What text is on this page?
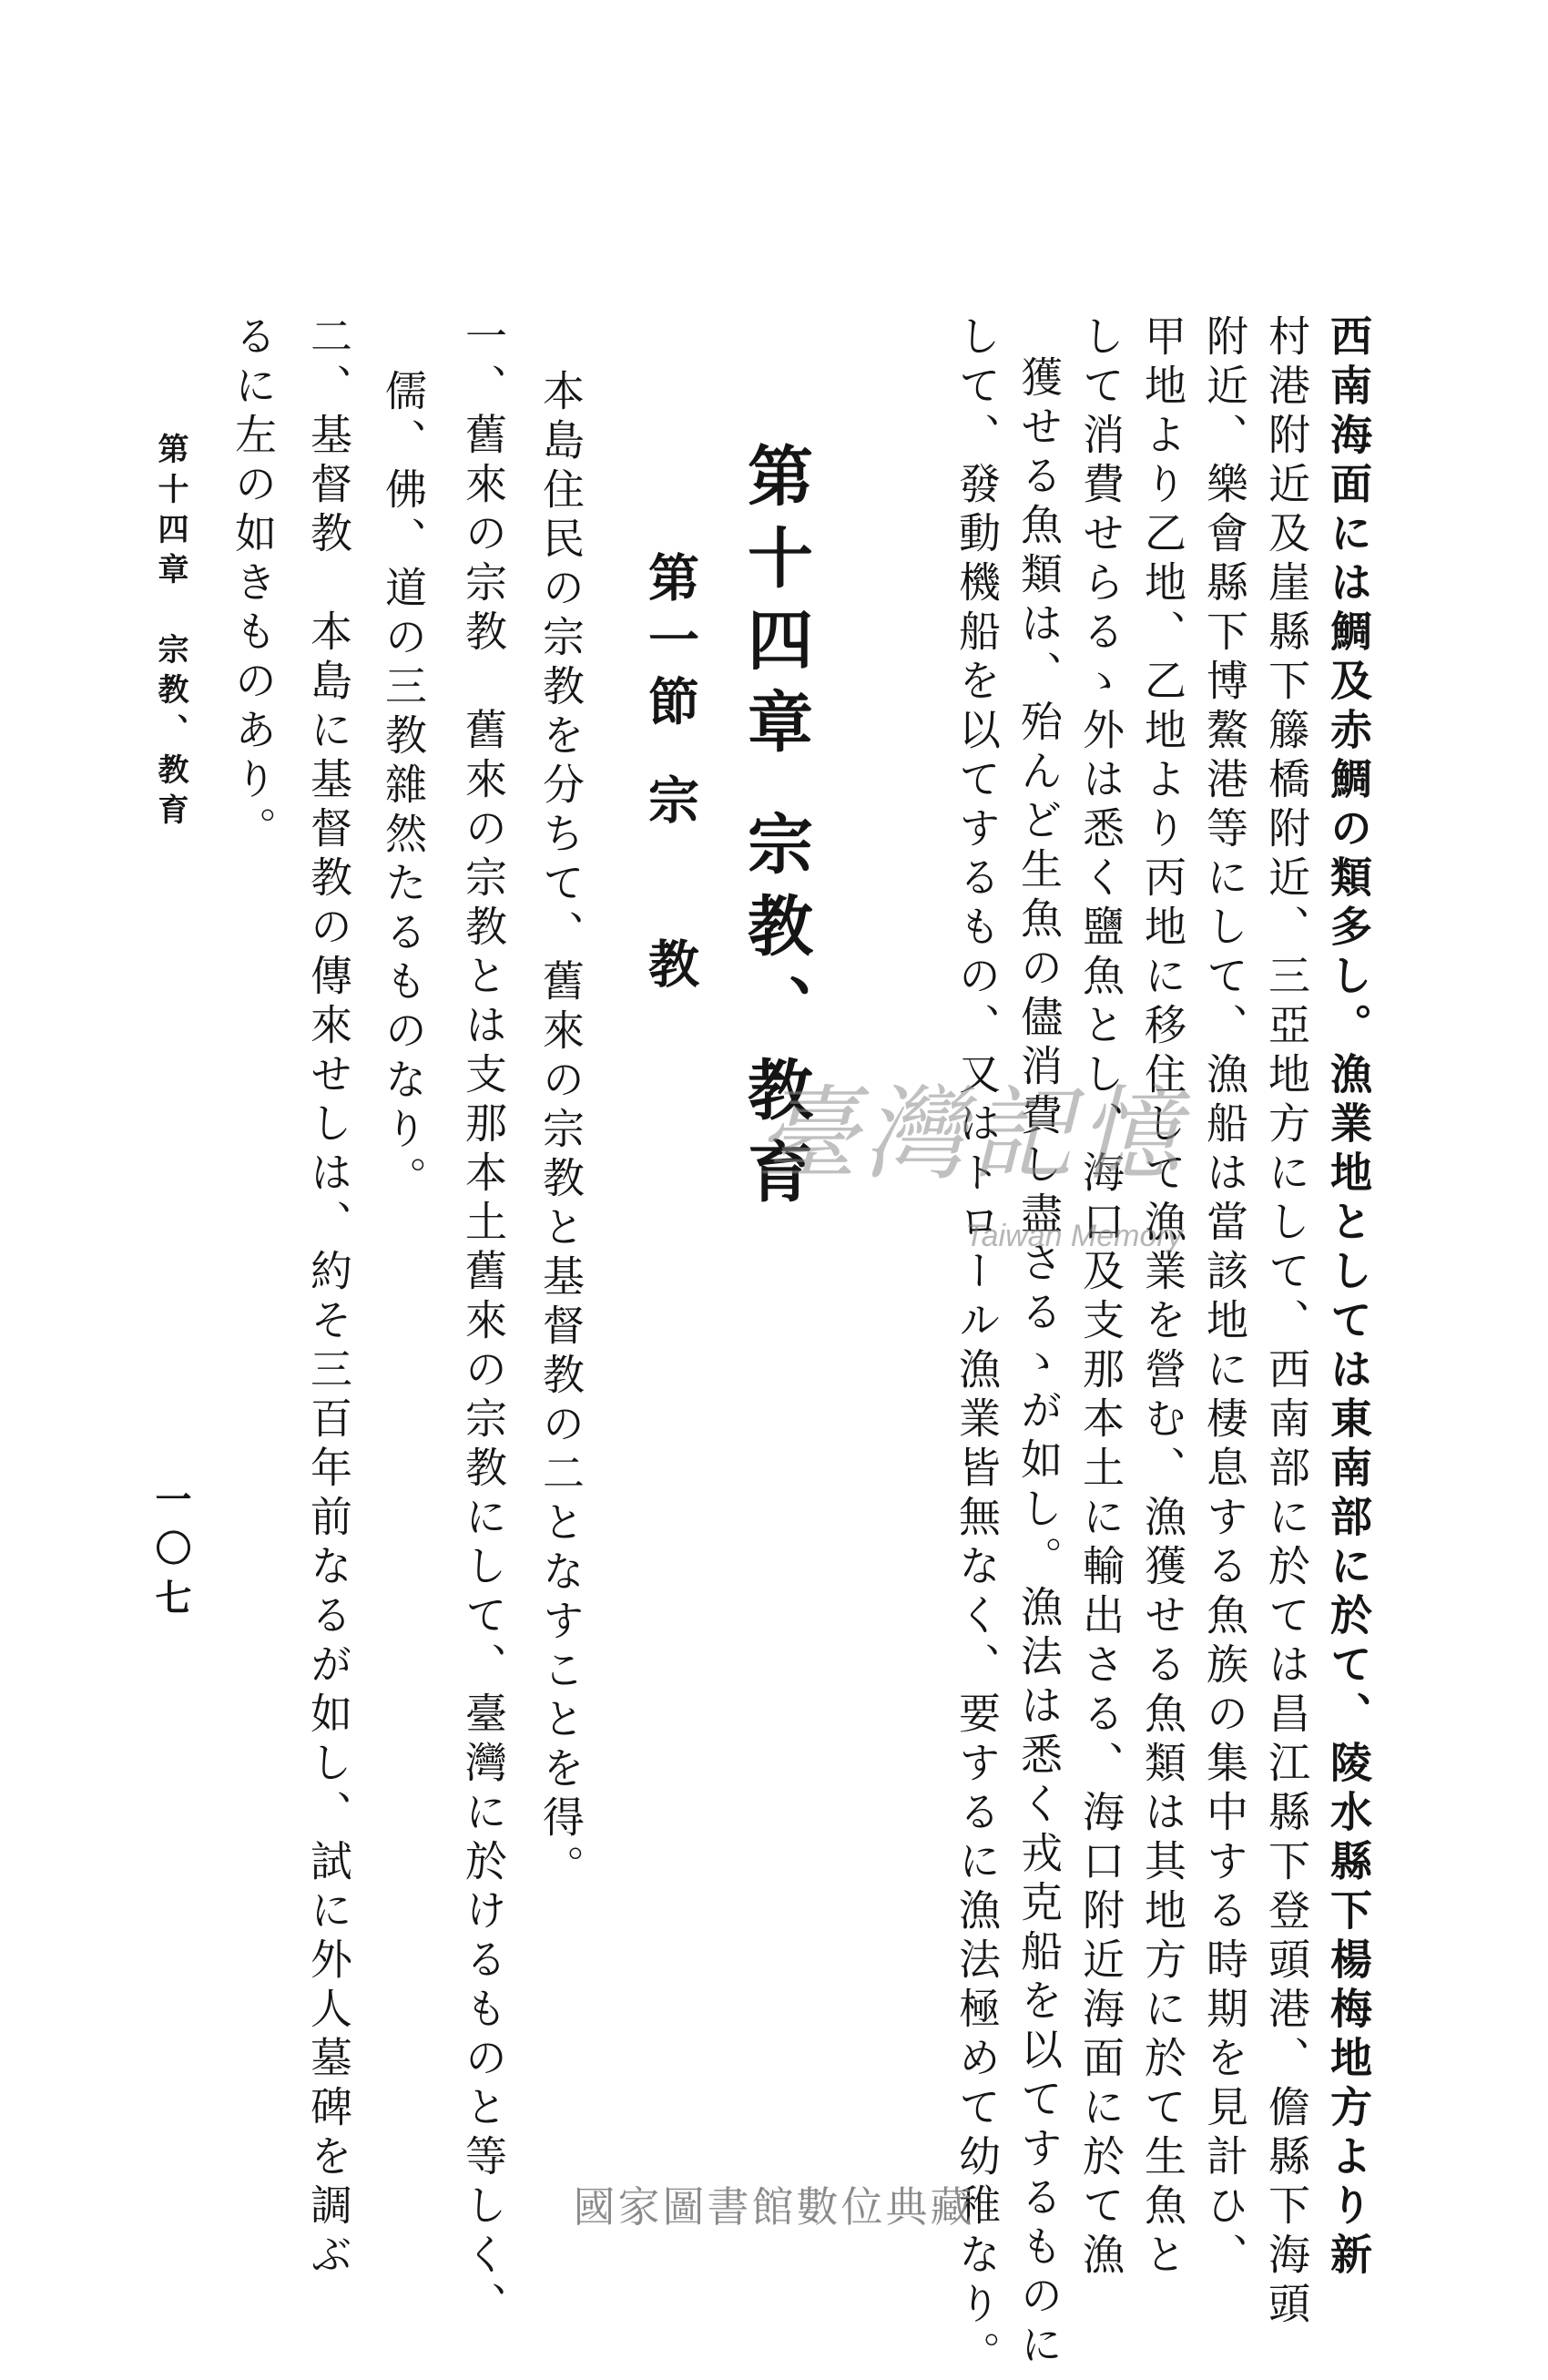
西南海面には鯛及赤鯛の類多し。漁業地としては東南部に於て、陵水縣下楊梅地方より新
村港附近及崖縣下籐橋附近、三亞地方にして、西南部に於ては昌江縣下登頭港、儋縣下海頭
附近、樂會縣下博鰲港等にして、漁船は當該地に棲息する魚族の集中する時期を見計ひ、
甲地より乙地、乙地より丙地に移住して漁業を營む、漁獲せる魚類は其地方に於て生魚と
して消費せらるゝ外は悉く鹽魚とし、海口及支那本土に輸出さる、海口附近海面に於て漁
獲せる魚類は、殆んど生魚の儘消費し盡さるゝが如し。漁法は悉く戎克船を以てするものに
して、發動機船を以てするもの、又はトロール漁業皆無なく、要するに漁法極めて幼稚なり。
第十四章宗教、教育
第一節宗教
本島住民の宗教を分ちて、舊來の宗教と基督教の二となすことを得。
一、舊來の宗教　舊來の宗教とは支那本土舊來の宗教にして、臺灣に於けるものと等しく、
儒、佛、道の三教雜然たるものなり。
二、基督教　本島に基督教の傳來せしは、約そ三百年前なるが如し、試に外人墓碑を調ぶ
るに左の如きものあり。
第十四章　宗教、教育
一〇七
臺灣記憶
Taiwan Memory
國家圖書館數位典藏
